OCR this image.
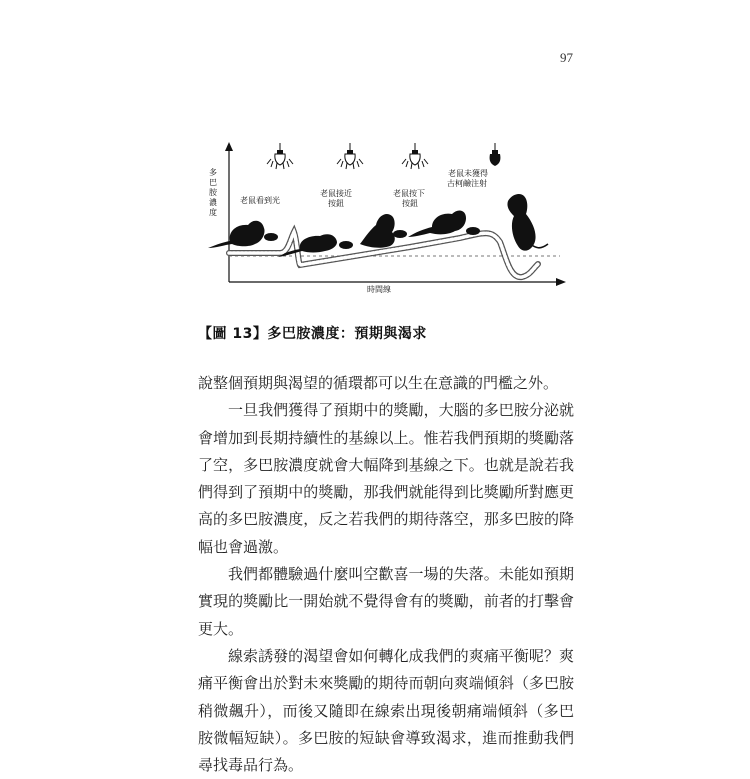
97
老鼠看到光
老鼠接近按鈕
老鼠按下按鈕
老鼠未獲得古柯鹼注射
多巴胺濃度
時間線
【圖 13】多巴胺濃度：預期與渴求

說整個預期與渴望的循環都可以生在意識的門檻之外。

一旦我們獲得了預期中的獎勵，大腦的多巴胺分泌就會增加到長期持續性的基線以上。惟若我們預期的獎勵落了空，多巴胺濃度就會大幅降到基線之下。也就是說若我們得到了預期中的獎勵，那我們就能得到比獎勵所對應更高的多巴胺濃度，反之若我們的期待落空，那多巴胺的降幅也會過激。

我們都體驗過什麼叫空歡喜一場的失落。未能如預期實現的獎勵比一開始就不覺得會有的獎勵，前者的打擊會更大。

線索誘發的渴望會如何轉化成我們的爽痛平衡呢？爽痛平衡會出於對未來獎勵的期待而朝向爽端傾斜（多巴胺稍微飆升），而後又隨即在線索出現後朝痛端傾斜（多巴胺微幅短缺）。多巴胺的短缺會導致渴求，進而推動我們尋找毒品行為。
